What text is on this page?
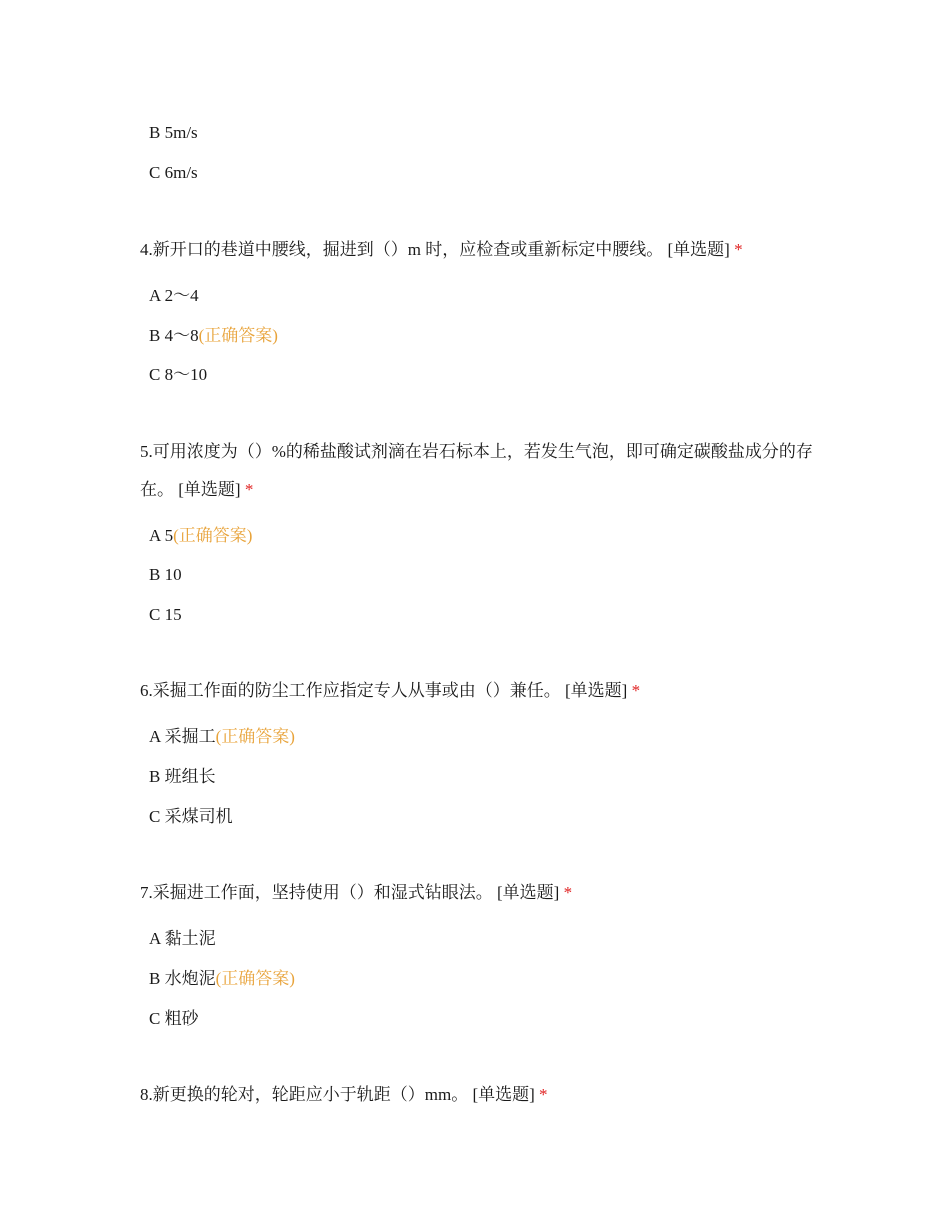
B 5m/s
C 6m/s
4.新开口的巷道中腰线，掘进到（）m 时，应检查或重新标定中腰线。 [单选题] *
A 2～4
B 4～8(正确答案)
C 8～10
5.可用浓度为（）%的稀盐酸试剂滴在岩石标本上，若发生气泡，即可确定碳酸盐成分的存在。 [单选题] *
A 5(正确答案)
B 10
C 15
6.采掘工作面的防尘工作应指定专人从事或由（）兼任。 [单选题] *
A 采掘工(正确答案)
B 班组长
C 采煤司机
7.采掘进工作面，坚持使用（）和湿式钻眼法。 [单选题] *
A 黏土泥
B 水炮泥(正确答案)
C 粗砂
8.新更换的轮对，轮距应小于轨距（）mm。 [单选题] *
